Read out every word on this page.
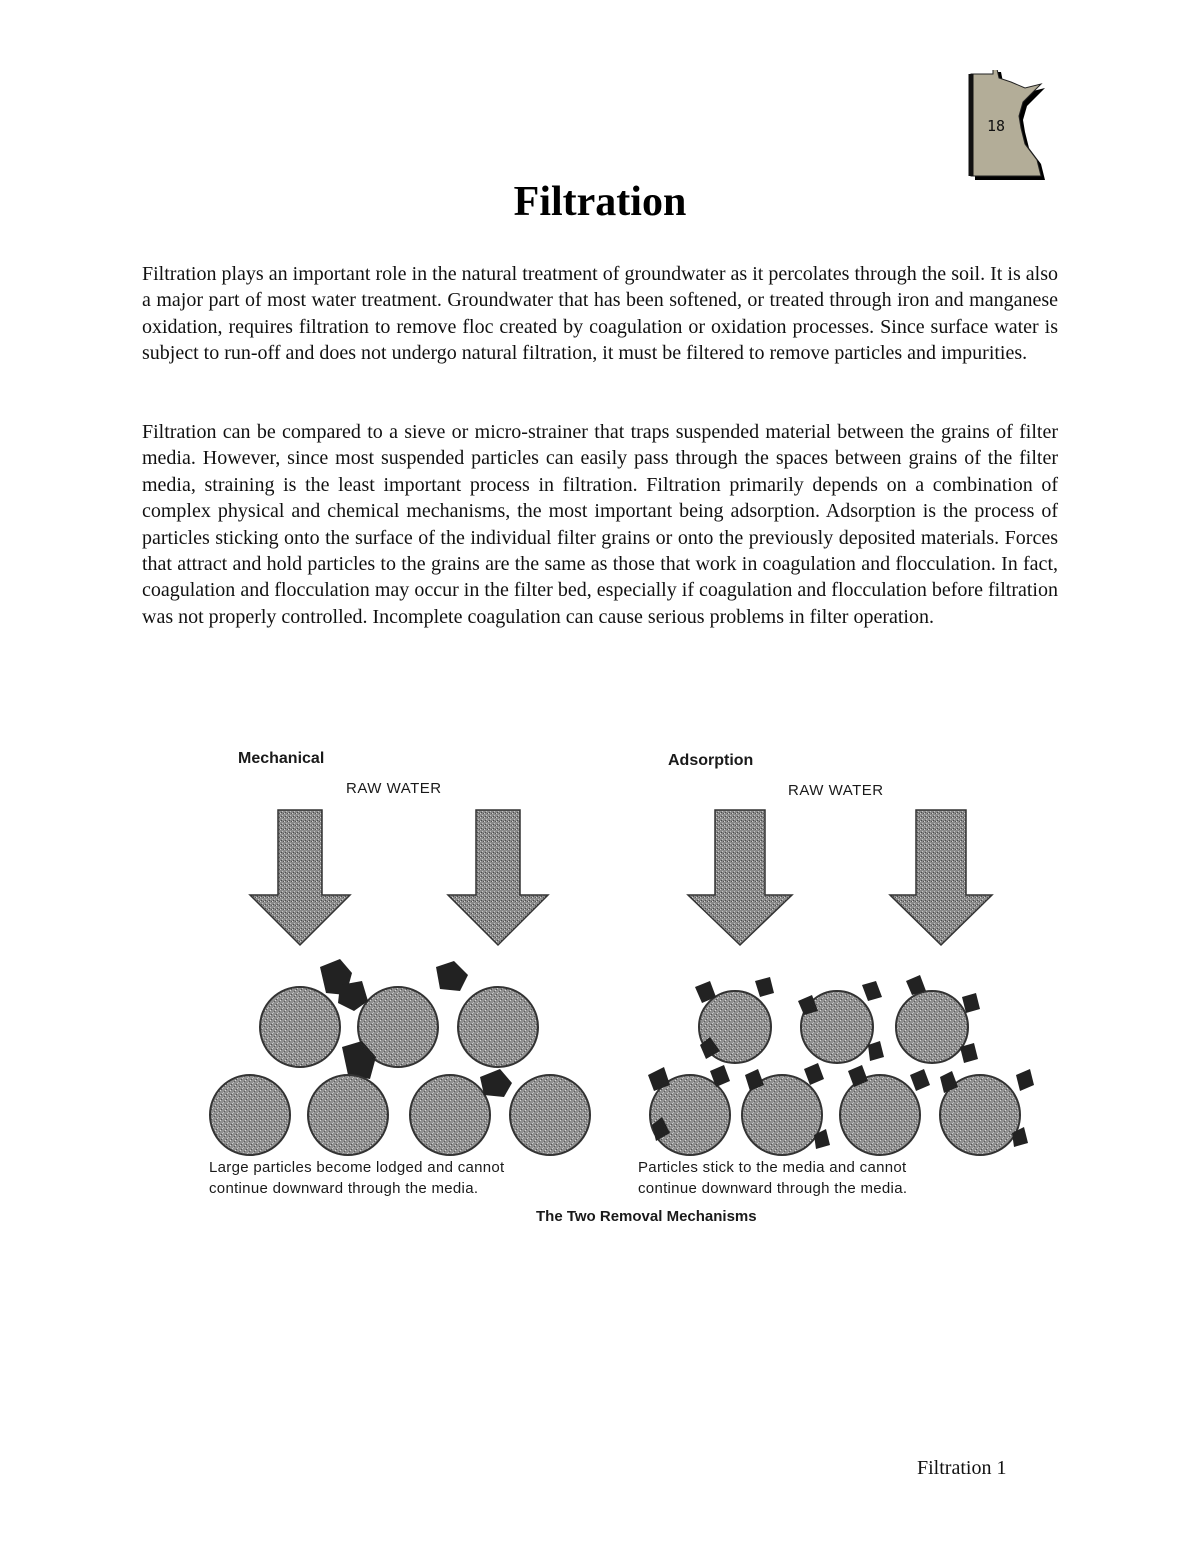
18
Filtration

Filtration plays an important role in the natural treatment of groundwater as it percolates through the soil. It is also a major part of most water treatment. Groundwater that has been softened, or treated through iron and manganese oxidation, requires filtration to remove floc created by coagulation or oxidation processes. Since surface water is subject to run-off and does not undergo natural filtration, it must be filtered to remove particles and impurities.

Filtration can be compared to a sieve or micro-strainer that traps suspended material between the grains of filter media. However, since most suspended particles can easily pass through the spaces between grains of the filter media, straining is the least important process in filtration. Filtration primarily depends on a combination of complex physical and chemical mechanisms, the most important being adsorption. Adsorption is the process of particles sticking onto the surface of the individual filter grains or onto the previously deposited materials. Forces that attract and hold particles to the grains are the same as those that work in coagulation and flocculation. In fact, coagulation and flocculation may occur in the filter bed, especially if coagulation and flocculation before filtration was not properly controlled. Incomplete coagulation can cause serious problems in filter operation.

Mechanical

RAW WATER

Adsorption

RAW WATER

Large particles become lodged and cannot

continue downward through the media.

Particles stick to the media and cannot

continue downward through the media.

The Two Removal Mechanisms

Filtration 1
